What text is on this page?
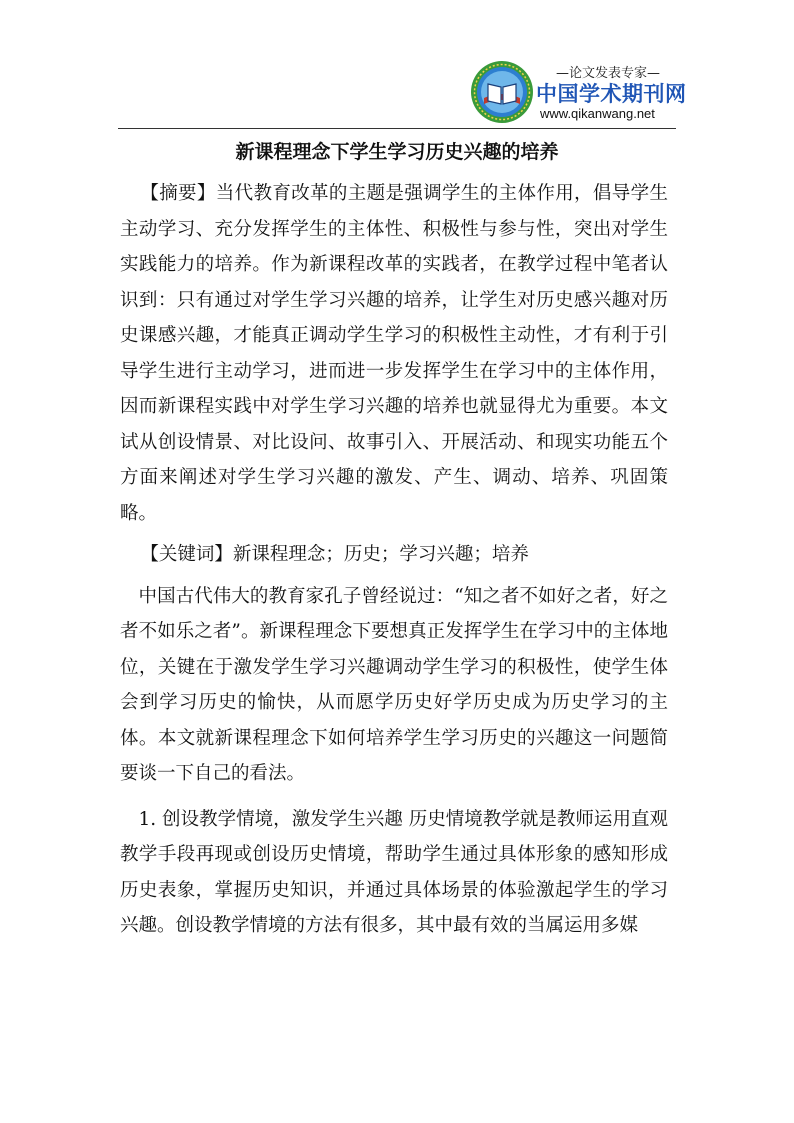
—论文发表专家—
中国学术期刊网
www.qikanwang.net
新课程理念下学生学习历史兴趣的培养

【摘要】当代教育改革的主题是强调学生的主体作用，倡导学生主动学习、充分发挥学生的主体性、积极性与参与性，突出对学生实践能力的培养。作为新课程改革的实践者，在教学过程中笔者认识到：只有通过对学生学习兴趣的培养，让学生对历史感兴趣对历史课感兴趣，才能真正调动学生学习的积极性主动性，才有利于引导学生进行主动学习，进而进一步发挥学生在学习中的主体作用，因而新课程实践中对学生学习兴趣的培养也就显得尤为重要。本文试从创设情景、对比设问、故事引入、开展活动、和现实功能五个方面来阐述对学生学习兴趣的激发、产生、调动、培养、巩固策略。

【关键词】新课程理念；历史；学习兴趣；培养

中国古代伟大的教育家孔子曾经说过：“知之者不如好之者，好之者不如乐之者”。新课程理念下要想真正发挥学生在学习中的主体地位，关键在于激发学生学习兴趣调动学生学习的积极性，使学生体会到学习历史的愉快，从而愿学历史好学历史成为历史学习的主体。本文就新课程理念下如何培养学生学习历史的兴趣这一问题简要谈一下自己的看法。

1. 创设教学情境，激发学生兴趣 历史情境教学就是教师运用直观教学手段再现或创设历史情境，帮助学生通过具体形象的感知形成历史表象，掌握历史知识，并通过具体场景的体验激起学生的学习兴趣。创设教学情境的方法有很多，其中最有效的当属运用多媒
